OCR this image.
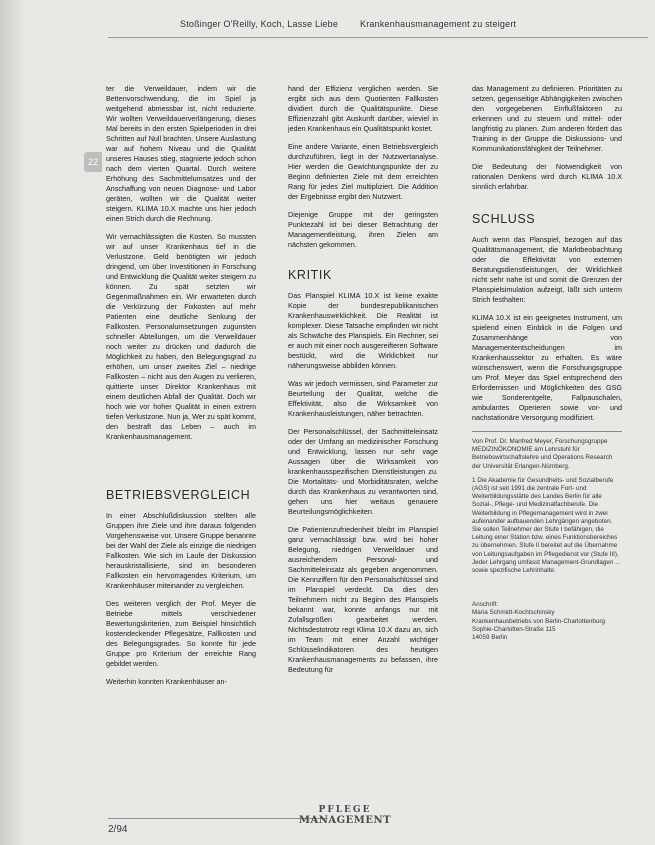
Stoßinger O'Reilly, Koch, Lasse Liebe Krankenhausmanagement zu steigert
22

ter die Verweildauer, indem wir die Bettenvorschwendung, die im Spiel ja weitgehend abmessbar ist, nicht reduzierte. Wir wollten Verweildauerverlängerung, dieses Mal bereits in den ersten Spielperioden in drei Schritten auf Null brachten. Unsere Auslastung war auf hohem Niveau und die Qualität unseres Hauses stieg, stagnierte jedoch schon nach dem vierten Quartal. Durch weitere Erhöhung des Sachmittelumsatzes und der Anschaffung von neuen Diagnose- und Labor geräten, wollten wir die Qualität weiter steigern. KLIMA 10.X machte uns hier jedoch einen Strich durch die Rechnung.

Wir vernachlässigten die Kosten. So mussten wir auf unser Krankenhaus tief in die Verlustzone. Geld benötigten wir jedoch dringend, um über Investitionen in Forschung und Entwicklung die Qualität weiter steigern zu können. Zu spät setzten wir Gegenmaßnahmen ein. Wir erwarteten durch die Verkürzung der Fixkosten auf mehr Patienten eine deutliche Senkung der Fallkosten. Personalumsetzungen zugunsten schneller Abteilungen, um die Verweildauer noch weiter zu drücken und dadurch die Möglichkeit zu haben, den Belegungsgrad zu erhöhen, um unser zweites Ziel – niedrige Fallkosten – nicht aus den Augen zu verlieren, quittierte unser Direktor Krankenhaus mit einem deutlichen Abfall der Qualität. Doch wir hoch wie vor hoher Qualität in einen extrem tiefen Verlustzone. Nun ja, Wer zu spät kommt, den bestraft das Leben – auch im Krankenhausmanagement.

BETRIEBSVERGLEICH

In einer Abschlußdiskussion stellten alle Gruppen ihre Ziele und ihre daraus folgenden Vorgehensweise vor. Unsere Gruppe benannte bei der Wahl der Ziele als einzige die niedrigen Fallkosten. Wie sich im Laufe der Diskussion herauskristallisierte, sind im besonderen Fallkosten ein hervorragendes Kriterium, um Krankenhäuser miteinander zu vergleichen.

Des weiteren verglich der Prof. Meyer die Betriebe mittels verschiedener Bewertungskriterien, zum Beispiel hinsichtlich kostendeckender Pflegesätze, Fallkosten und des Belegungsgrades. So konnte für jede Gruppe pro Kriterium der erreichte Rang gebildet werden.

Weiterhin konnten Krankenhäuser an-

hand der Effizienz verglichen werden. Sie ergibt sich aus dem Quotienten Fallkosten dividiert durch die Qualitätspunkte. Diese Effizienzzahl gibt Auskunft darüber, wieviel in jeden Krankenhaus ein Qualitätspunkt kostet.

Eine andere Variante, einen Betriebsvergleich durchzuführen, liegt in der Nutzwertanalyse. Hier werden die Gewichtungspunkte der zu Beginn definierten Ziele mit dem erreichten Rang für jedes Ziel multipliziert. Die Addition der Ergebnisse ergibt den Nutzwert.

Diejenige Gruppe mit der geringsten Punktezahl ist bei dieser Betrachtung der Managementleistung, ihren Zielen am nächsten gekommen.

KRITIK

Das Planspiel KLIMA 10.X ist keine exakte Kopie der bundesrepublikanischen Krankenhauswirklichkeit. Die Realität ist komplexer. Diese Tatsache empfinden wir nicht als Schwäche des Planspiels. Ein Rechner, sei er auch mit einer noch ausgereifteren Software bestückt, wird die Wirklichkeit nur näherungsweise abbilden können.

Was wir jedoch vermissen, sind Parameter zur Beurteilung der Qualität, welche die Effektivität, also die Wirksamkeit von Krankenhausleistungen, näher betrachten.

Der Personalschlüssel, der Sachmitteleinsatz oder der Umfang an medizinischer Forschung und Entwicklung, lassen nur sehr vage Aussagen über die Wirksamkeit von krankenhausspezifischen Dienstleistungen zu. Die Mortalitäts- und Morbiditätsraten, welche durch das Krankenhaus zu verantworten sind, gehen uns hier weitaus genauere Beurteilungsmöglichkeiten.

Die Patientenzufriedenheit bleibt im Planspiel ganz vernachlässigt bzw. wird bei hoher Belegung, niedrigen Verweildauer und ausreichendem Personal- und Sachmitteleinsatz als gegeben angenommen. Die Kennziffern für den Personalschlüssel sind im Planspiel verdeckt. Da dies den Teilnehmern nicht zu Beginn des Planspiels bekannt war, konnte anfangs nur mit Zufallsgrößen gearbeitet werden. Nichtsdestotrotz regt Klima 10.X dazu an, sich im Team mit einer Anzahl wichtiger Schlüsselindikatoren des heutigen Krankenhausmanagements zu befassen, ihre Bedeutung für

das Management zu definieren. Prioritäten zu setzen, gegenseitige Abhängigkeiten zwischen den vorgegebenen Einflußfaktoren zu erkennen und zu steuern und mittel- oder langfristig zu planen. Zum anderen fördert das Training in der Gruppe die Diskussions- und Kommunikationsfähigkeit der Teilnehmer.

Die Bedeutung der Notwendigkeit von rationalen Denkens wird durch KLIMA 10.X sinnlich erfahrbar.

SCHLUSS

Auch wenn das Planspiel, bezogen auf das Qualitätsmanagement, die Marktbeobachtung oder die Effektivität von externen Beratungsdienstleistungen, der Wirklichkeit nicht sehr nahe ist und somit die Grenzen der Planspielsimulation aufzeigt, läßt sich unterm Strich festhalten:

KLIMA 10.X ist ein geeignetes Instrument, um spielend einen Einblick in die Folgen und Zusammenhänge von Managemententscheidungen im Krankenhaussektor zu erhalten. Es wäre wünschenswert, wenn die Forschungsgruppe um Prof. Meyer das Spiel entsprechend den Erfordernissen und Möglichkeiten des GSG wie Sonderentgelte, Fallpauschalen, ambulantes Operieren sowie vor- und nachstationäre Versorgung modifiziert.

Von Prof. Dr. Manfred Meyer, Forschungsgruppe MEDIZINÖKONOMIE am Lehrstuhl für Betriebswirtschaftslehre und Operations Research der Universität Erlangen-Nürnberg.

1 Die Akademie für Gesundheits- und Sozialberufe (AGS) ist seit 1991 die zentrale Fort- und Weiterbildungsstätte des Landes Berlin für alle Sozial-, Pflege- und Medizinalfachberufe. Die Weiterbildung in Pflegemanagement wird in zwei aufeinander aufbauenden Lehrgängen angeboten. Sie sollen Teilnehmer der Stufe I befähigen, die Leitung einer Station bzw. eines Funktionsbereiches zu übernehmen. Stufe II bereitet auf die Übernahme von Leitungsaufgaben im Pflegedienst vor (Stufe III). Jeder Lehrgang umfasst Management-Grundlagen ... sowie spezifische Lehrinhalte.

Anschrift:
Maria Schmidt-Kochtschinsky
Krankenhausbetriebs von Berlin-Charlottenburg
Sophie-Charlotten-Straße 115
14059 Berlin
2/94
PFLEGE
MANAGEMENT
